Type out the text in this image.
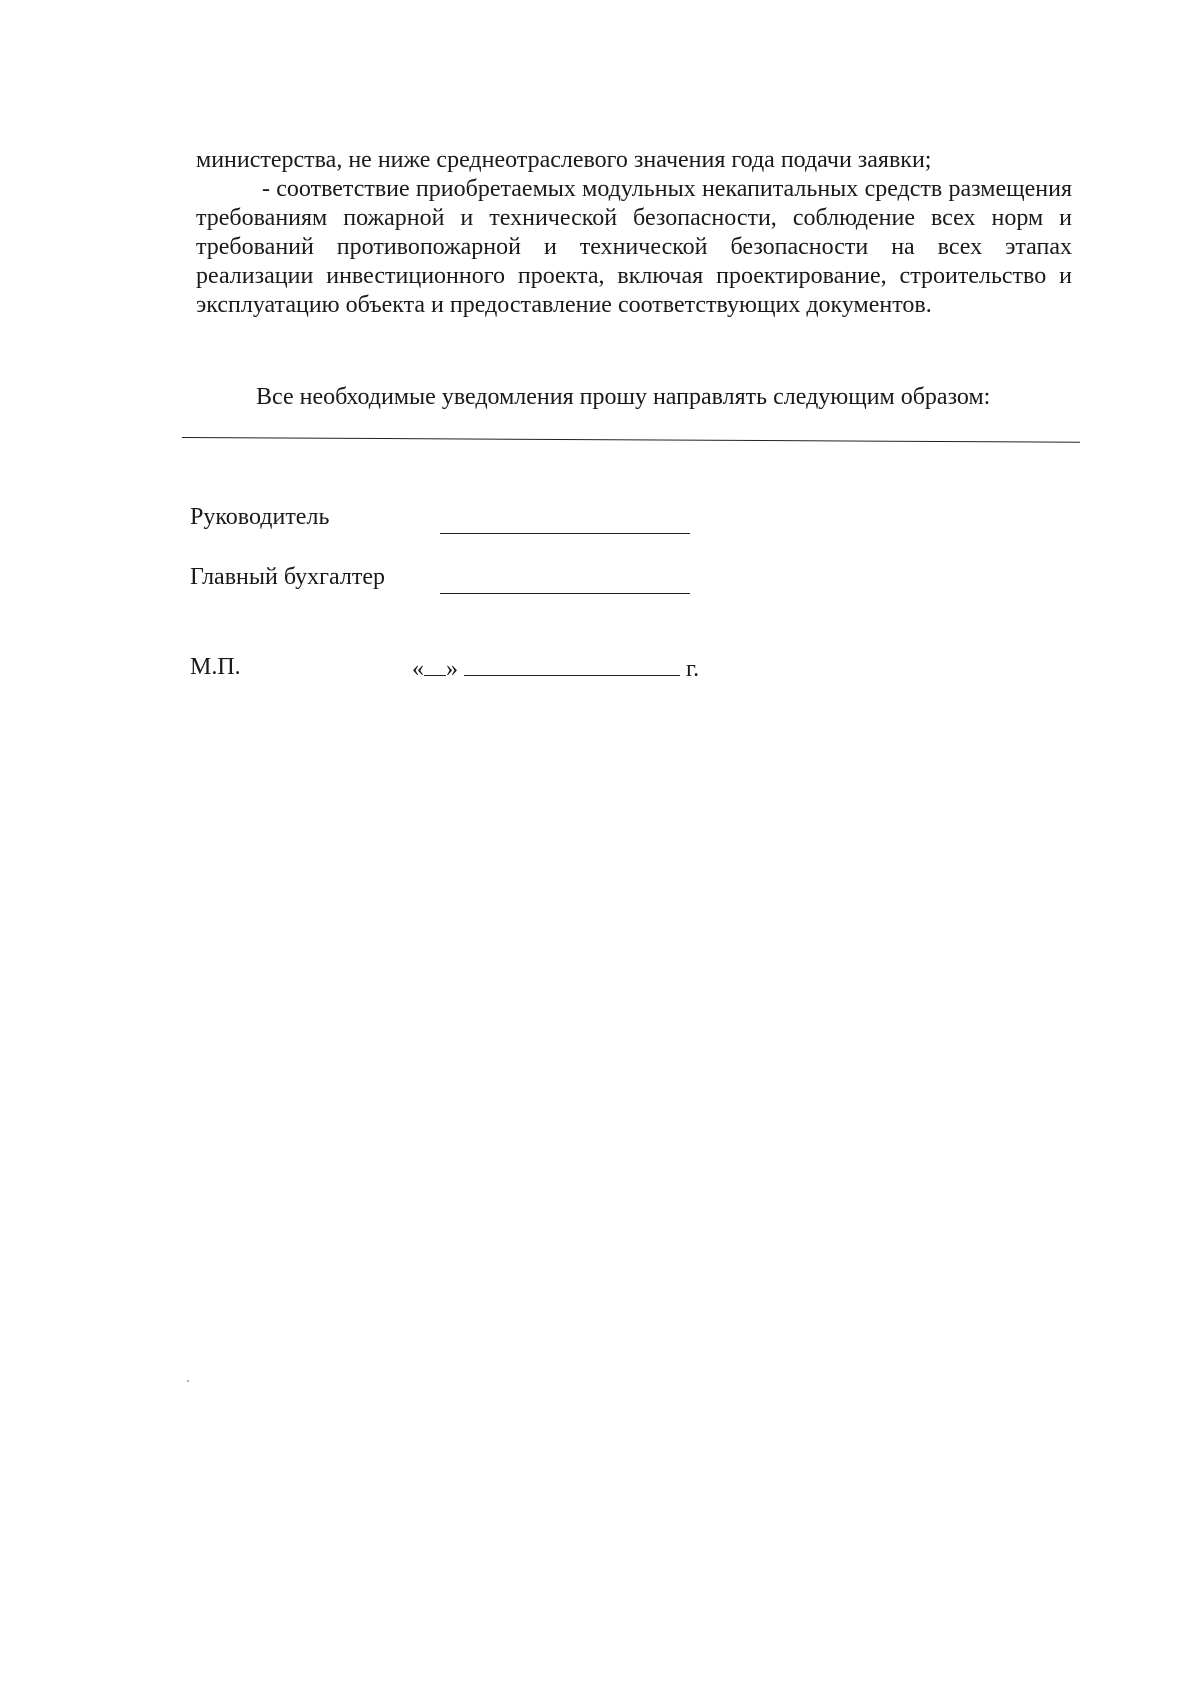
министерства, не ниже среднеотраслевого значения года подачи заявки;

- соответствие приобретаемых модульных некапитальных средств размещения требованиям пожарной и технической безопасности, соблюдение всех норм и требований противопожарной и технической безопасности на всех этапах реализации инвестиционного проекта, включая проектирование, строительство и эксплуатацию объекта и предоставление соответствующих документов.

Все необходимые уведомления прошу направлять следующим образом:

Руководитель
Главный бухгалтер
М.П.	« »	г.
